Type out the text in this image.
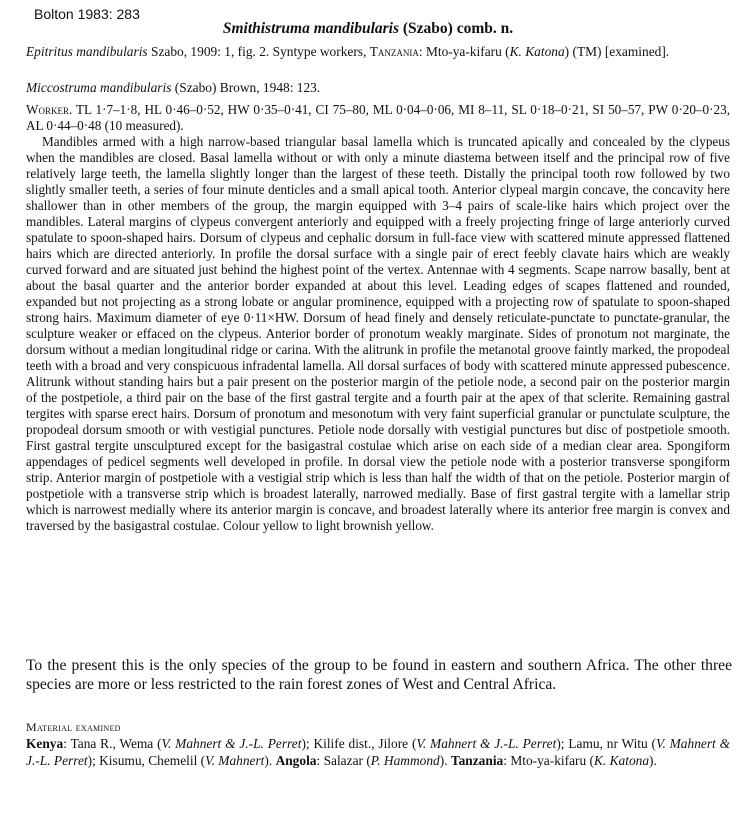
Bolton 1983: 283
Smithistruma mandibularis (Szabo) comb. n.
Epitritus mandibularis Szabo, 1909: 1, fig. 2. Syntype workers, Tanzania: Mto-ya-kifaru (K. Katona) (TM) [examined].
Miccostruma mandibularis (Szabo) Brown, 1948: 123.
Worker. TL 1·7–1·8, HL 0·46–0·52, HW 0·35–0·41, CI 75–80, ML 0·04–0·06, MI 8–11, SL 0·18–0·21, SI 50–57, PW 0·20–0·23, AL 0·44–0·48 (10 measured).
Mandibles armed with a high narrow-based triangular basal lamella which is truncated apically and concealed by the clypeus when the mandibles are closed. Basal lamella without or with only a minute diastema between itself and the principal row of five relatively large teeth, the lamella slightly longer than the largest of these teeth. Distally the principal tooth row followed by two slightly smaller teeth, a series of four minute denticles and a small apical tooth. Anterior clypeal margin concave, the concavity here shallower than in other members of the group, the margin equipped with 3–4 pairs of scale-like hairs which project over the mandibles. Lateral margins of clypeus convergent anteriorly and equipped with a freely projecting fringe of large anteriorly curved spatulate to spoon-shaped hairs. Dorsum of clypeus and cephalic dorsum in full-face view with scattered minute appressed flattened hairs which are directed anteriorly. In profile the dorsal surface with a single pair of erect feebly clavate hairs which are weakly curved forward and are situated just behind the highest point of the vertex. Antennae with 4 segments. Scape narrow basally, bent at about the basal quarter and the anterior border expanded at about this level. Leading edges of scapes flattened and rounded, expanded but not projecting as a strong lobate or angular prominence, equipped with a projecting row of spatulate to spoon-shaped strong hairs. Maximum diameter of eye 0·11×HW. Dorsum of head finely and densely reticulate-punctate to punctate-granular, the sculpture weaker or effaced on the clypeus. Anterior border of pronotum weakly marginate. Sides of pronotum not marginate, the dorsum without a median longitudinal ridge or carina. With the alitrunk in profile the metanotal groove faintly marked, the propodeal teeth with a broad and very conspicuous infradental lamella. All dorsal surfaces of body with scattered minute appressed pubescence. Alitrunk without standing hairs but a pair present on the posterior margin of the petiole node, a second pair on the posterior margin of the postpetiole, a third pair on the base of the first gastral tergite and a fourth pair at the apex of that sclerite. Remaining gastral tergites with sparse erect hairs. Dorsum of pronotum and mesonotum with very faint superficial granular or punctulate sculpture, the propodeal dorsum smooth or with vestigial punctures. Petiole node dorsally with vestigial punctures but disc of postpetiole smooth. First gastral tergite unsculptured except for the basigastral costulae which arise on each side of a median clear area. Spongiform appendages of pedicel segments well developed in profile. In dorsal view the petiole node with a posterior transverse spongiform strip. Anterior margin of postpetiole with a vestigial strip which is less than half the width of that on the petiole. Posterior margin of postpetiole with a transverse strip which is broadest laterally, narrowed medially. Base of first gastral tergite with a lamellar strip which is narrowest medially where its anterior margin is concave, and broadest laterally where its anterior free margin is convex and traversed by the basigastral costulae. Colour yellow to light brownish yellow.
To the present this is the only species of the group to be found in eastern and southern Africa. The other three species are more or less restricted to the rain forest zones of West and Central Africa.
Material examined
Kenya: Tana R., Wema (V. Mahnert & J.-L. Perret); Kilife dist., Jilore (V. Mahnert & J.-L. Perret); Lamu, nr Witu (V. Mahnert & J.-L. Perret); Kisumu, Chemelil (V. Mahnert). Angola: Salazar (P. Hammond). Tanzania: Mto-ya-kifaru (K. Katona).
